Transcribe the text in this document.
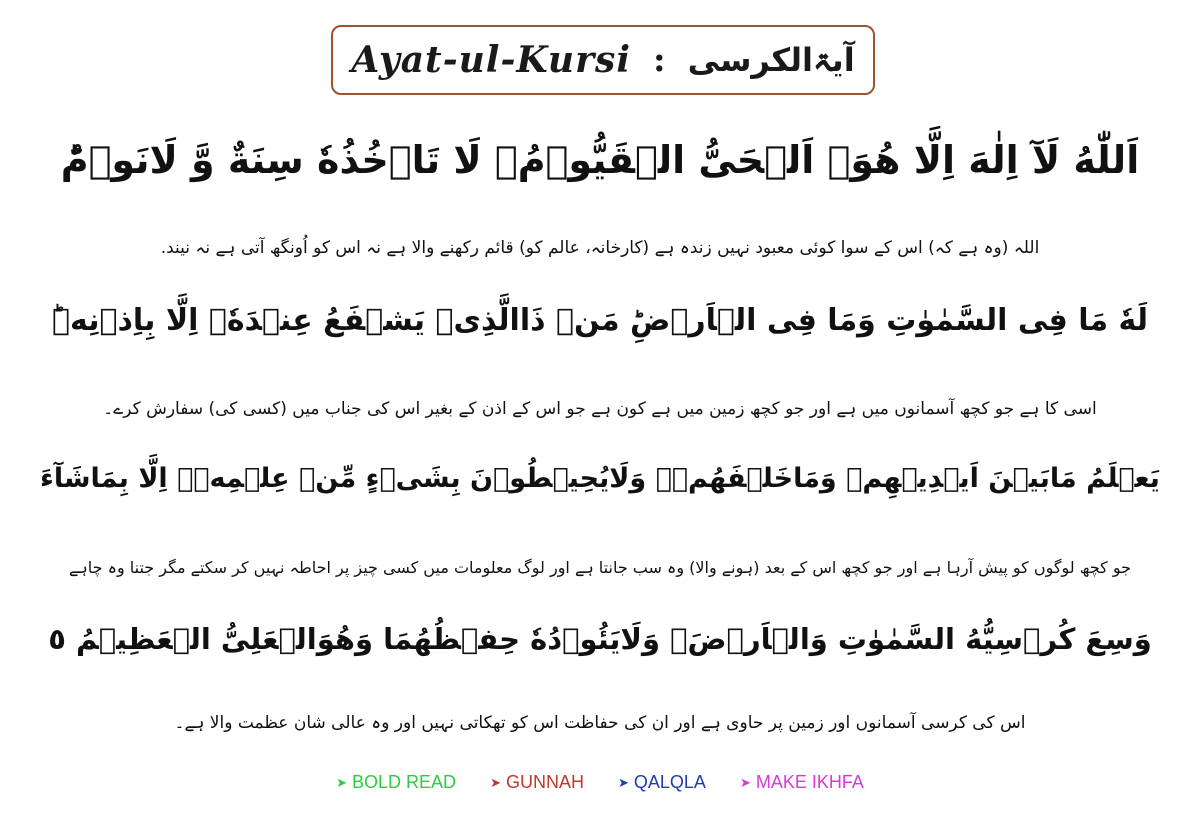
Ayat-ul-Kursi : آیۃالکرسی
اَللّٰهُ لَآ اِلٰهَ اِلَّا هُوَۚ اَلۡحَیُّ الۡقَیُّوۡمُۚ لَا تَاۡخُذُهٗ سِنَةٌ وَّ لَانَوۡمٌؕ
اللہ (وہ ہے کہ) اس کے سوا کوئی معبود نہیں زندہ ہے (کارخانہ، عالم کو) قائم رکھنے والا ہے نہ اس کو اُونگھ آتی ہے نہ نیند.
لَهٗ مَا فِی السَّمٰوٰتِ وَمَا فِی الۡاَرۡضِؕ مَنۡ ذَاالَّذِیۡ یَشۡفَعُ عِنۡدَهٗۤ اِلَّا بِاِذۡنِهٖؕ
اسی کا ہے جو کچھ آسمانوں میں ہے اور جو کچھ زمین میں ہے کون ہے جو اس کے اذن کے بغیر اس کی جناب میں (کسی کی) سفارش کرے۔
یَعۡلَمُ مَابَیۡنَ اَیۡدِیۡهِمۡ وَمَاخَلۡفَهُمۡۚ وَلَایُحِیۡطُوۡنَ بِشَیۡءٍ مِّنۡ عِلۡمِهٖۚ اِلَّا بِمَاشَآءَ
جو کچھ لوگوں کو پیش آرہا ہے اور جو کچھ اس کے بعد (ہونے والا) وہ سب جانتا ہے اور لوگ معلومات میں کسی چیز پر احاطہ نہیں کر سکتے مگر جتنا وہ چاہے
وَسِعَ کُرۡسِیُّهُ السَّمٰوٰتِ وَالۡاَرۡضَۚ وَلَایَئُوۡدُهٗ حِفۡظُهُمَا وَهُوَالۡعَلِیُّ الۡعَظِیۡمُ ٥
اس کی کرسی آسمانوں اور زمین پر حاوی ہے اور ان کی حفاظت اس کو تھکاتی نہیں اور وہ عالی شان عظمت والا ہے۔
➤ BOLD READ	➤ GUNNAH	➤ QALQLA	➤ MAKE IKHFA
